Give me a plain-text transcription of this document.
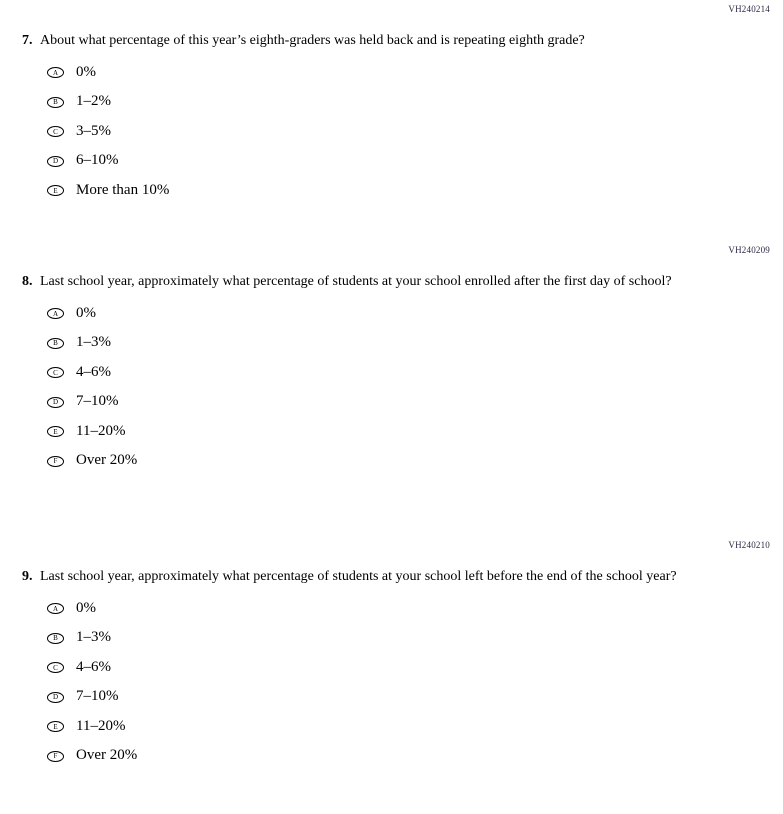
VH240214
7. About what percentage of this year’s eighth-graders was held back and is repeating eighth grade?
A	0%
B	1–2%
C	3–5%
D	6–10%
E	More than 10%
VH240209
8. Last school year, approximately what percentage of students at your school enrolled after the first day of school?
A	0%
B	1–3%
C	4–6%
D	7–10%
E	11–20%
F	Over 20%
VH240210
9. Last school year, approximately what percentage of students at your school left before the end of the school year?
A	0%
B	1–3%
C	4–6%
D	7–10%
E	11–20%
F	Over 20%
